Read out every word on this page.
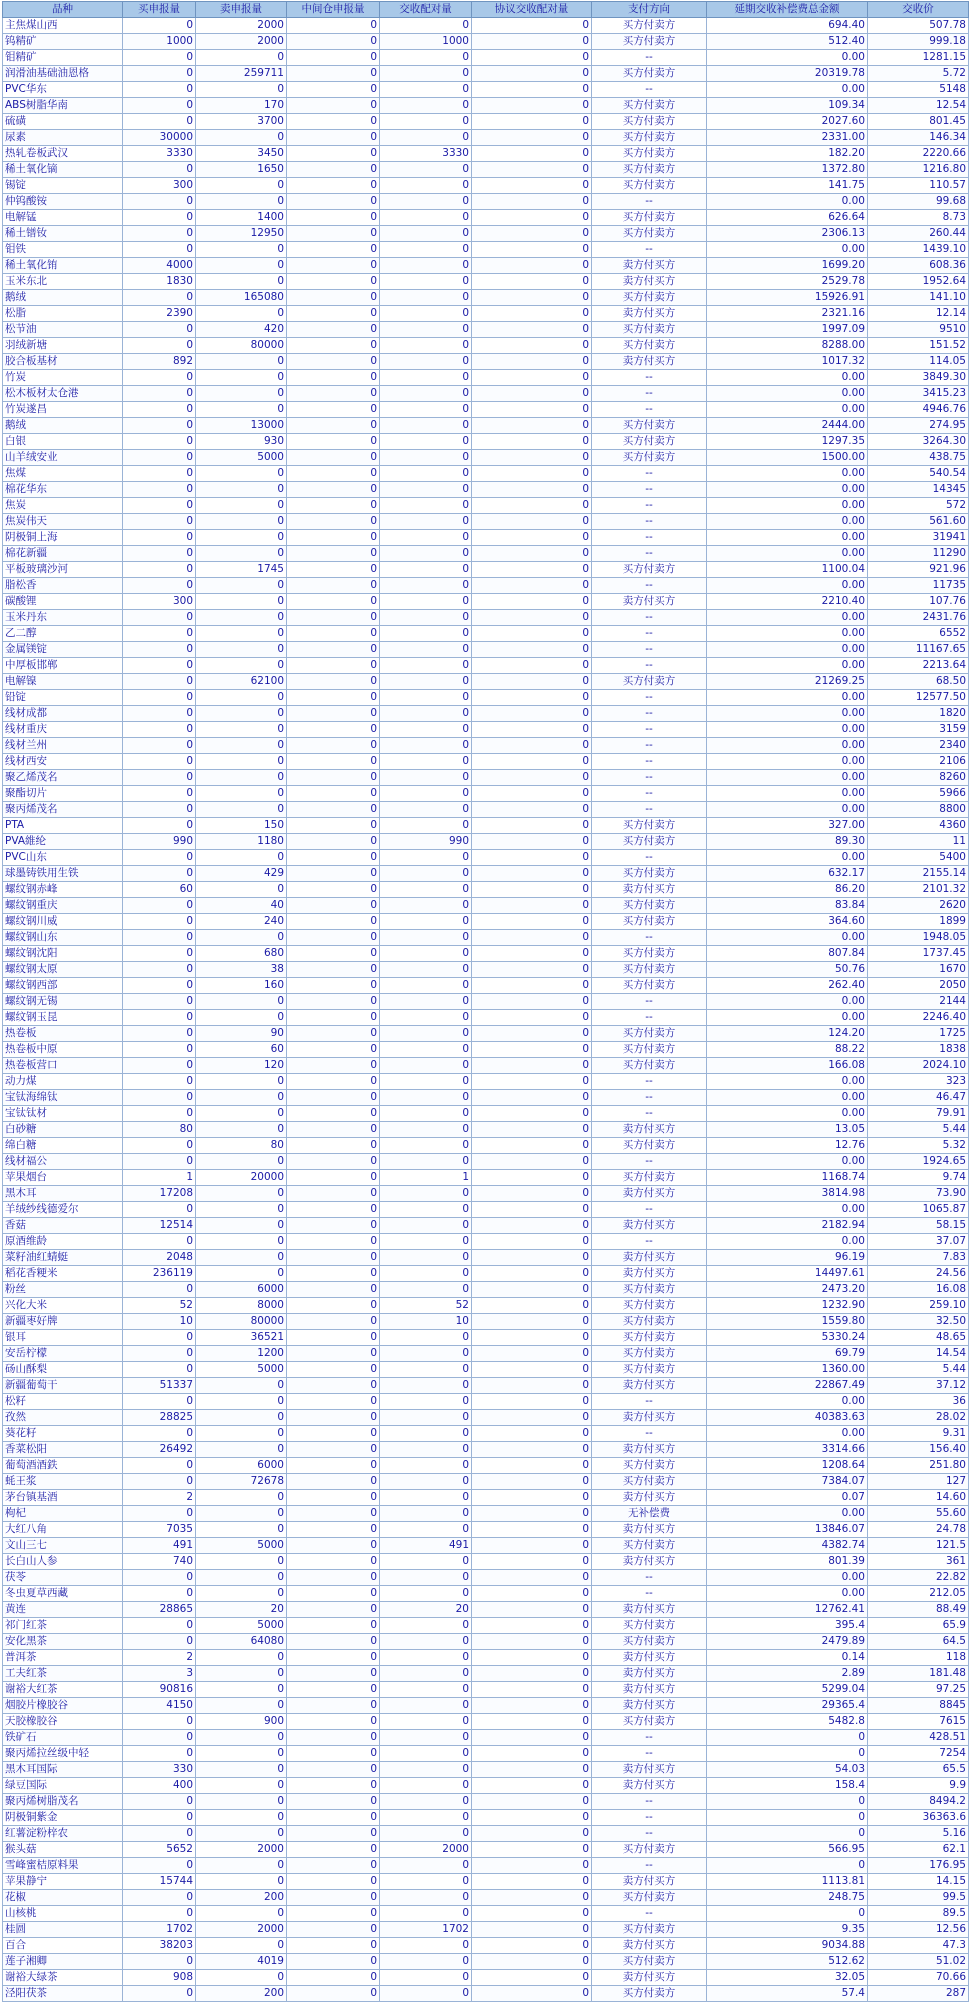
品种	买申报量	卖申报量	中间仓申报量	交收配对量	协议交收配对量	支付方向	延期交收补偿费总金额	交收价
主焦煤山西	0	2000	0	0	0	买方付卖方	694.40	507.78
钨精矿	1000	2000	0	1000	0	买方付卖方	512.40	999.18
钼精矿	0	0	0	0	0	--	0.00	1281.15
润滑油基础油恩格	0	259711	0	0	0	买方付卖方	20319.78	5.72
PVC华东	0	0	0	0	0	--	0.00	5148
ABS树脂华南	0	170	0	0	0	买方付卖方	109.34	12.54
硫磺	0	3700	0	0	0	买方付卖方	2027.60	801.45
尿素	30000	0	0	0	0	买方付卖方	2331.00	146.34
热轧卷板武汉	3330	3450	0	3330	0	买方付卖方	182.20	2220.66
稀土氧化镝	0	1650	0	0	0	买方付卖方	1372.80	1216.80
锡锭	300	0	0	0	0	买方付卖方	141.75	110.57
仲钨酸铵	0	0	0	0	0	--	0.00	99.68
电解锰	0	1400	0	0	0	买方付卖方	626.64	8.73
稀土镨钕	0	12950	0	0	0	买方付卖方	2306.13	260.44
钼铁	0	0	0	0	0	--	0.00	1439.10
稀土氧化铕	4000	0	0	0	0	卖方付买方	1699.20	608.36
玉米东北	1830	0	0	0	0	卖方付买方	2529.78	1952.64
鹅绒	0	165080	0	0	0	买方付卖方	15926.91	141.10
松脂	2390	0	0	0	0	卖方付买方	2321.16	12.14
松节油	0	420	0	0	0	买方付卖方	1997.09	9510
羽绒新塘	0	80000	0	0	0	买方付卖方	8288.00	151.52
胶合板基材	892	0	0	0	0	卖方付买方	1017.32	114.05
竹炭	0	0	0	0	0	--	0.00	3849.30
松木板材太仓港	0	0	0	0	0	--	0.00	3415.23
竹炭遂昌	0	0	0	0	0	--	0.00	4946.76
鹅绒	0	13000	0	0	0	买方付卖方	2444.00	274.95
白银	0	930	0	0	0	买方付卖方	1297.35	3264.30
山羊绒安业	0	5000	0	0	0	买方付卖方	1500.00	438.75
焦煤	0	0	0	0	0	--	0.00	540.54
棉花华东	0	0	0	0	0	--	0.00	14345
焦炭	0	0	0	0	0	--	0.00	572
焦炭伟天	0	0	0	0	0	--	0.00	561.60
阴极铜上海	0	0	0	0	0	--	0.00	31941
棉花新疆	0	0	0	0	0	--	0.00	11290
平板玻璃沙河	0	1745	0	0	0	买方付卖方	1100.04	921.96
脂松香	0	0	0	0	0	--	0.00	11735
碳酸锂	300	0	0	0	0	卖方付买方	2210.40	107.76
玉米丹东	0	0	0	0	0	--	0.00	2431.76
乙二醇	0	0	0	0	0	--	0.00	6552
金属镁锭	0	0	0	0	0	--	0.00	11167.65
中厚板邯郸	0	0	0	0	0	--	0.00	2213.64
电解镍	0	62100	0	0	0	买方付卖方	21269.25	68.50
铅锭	0	0	0	0	0	--	0.00	12577.50
线材成都	0	0	0	0	0	--	0.00	1820
线材重庆	0	0	0	0	0	--	0.00	3159
线材兰州	0	0	0	0	0	--	0.00	2340
线材西安	0	0	0	0	0	--	0.00	2106
聚乙烯茂名	0	0	0	0	0	--	0.00	8260
聚酯切片	0	0	0	0	0	--	0.00	5966
聚丙烯茂名	0	0	0	0	0	--	0.00	8800
PTA	0	150	0	0	0	买方付卖方	327.00	4360
PVA維纶	990	1180	0	990	0	买方付卖方	89.30	11
PVC山东	0	0	0	0	0	--	0.00	5400
球墨铸铁用生铁	0	429	0	0	0	买方付卖方	632.17	2155.14
螺纹钢赤峰	60	0	0	0	0	卖方付买方	86.20	2101.32
螺纹钢重庆	0	40	0	0	0	买方付卖方	83.84	2620
螺纹钢川威	0	240	0	0	0	买方付卖方	364.60	1899
螺纹钢山东	0	0	0	0	0	--	0.00	1948.05
螺纹钢沈阳	0	680	0	0	0	买方付卖方	807.84	1737.45
螺纹钢太原	0	38	0	0	0	买方付卖方	50.76	1670
螺纹钢西部	0	160	0	0	0	买方付卖方	262.40	2050
螺纹钢无锡	0	0	0	0	0	--	0.00	2144
螺纹钢玉昆	0	0	0	0	0	--	0.00	2246.40
热卷板	0	90	0	0	0	买方付卖方	124.20	1725
热卷板中原	0	60	0	0	0	买方付卖方	88.22	1838
热卷板营口	0	120	0	0	0	买方付卖方	166.08	2024.10
动力煤	0	0	0	0	0	--	0.00	323
宝钛海绵钛	0	0	0	0	0	--	0.00	46.47
宝钛钛材	0	0	0	0	0	--	0.00	79.91
白砂糖	80	0	0	0	0	卖方付买方	13.05	5.44
绵白糖	0	80	0	0	0	买方付卖方	12.76	5.32
线材福公	0	0	0	0	0	--	0.00	1924.65
苹果烟台	1	20000	0	1	0	买方付卖方	1168.74	9.74
黑木耳	17208	0	0	0	0	卖方付买方	3814.98	73.90
羊绒纱线德爱尔	0	0	0	0	0	--	0.00	1065.87
香菇	12514	0	0	0	0	卖方付买方	2182.94	58.15
原酒维龄	0	0	0	0	0	--	0.00	37.07
菜籽油红蜻蜓	2048	0	0	0	0	卖方付买方	96.19	7.83
稻花香粳米	236119	0	0	0	0	卖方付买方	14497.61	24.56
粉丝	0	6000	0	0	0	买方付卖方	2473.20	16.08
兴化大米	52	8000	0	52	0	买方付卖方	1232.90	259.10
新疆枣好牌	10	80000	0	10	0	买方付卖方	1559.80	32.50
银耳	0	36521	0	0	0	买方付卖方	5330.24	48.65
安岳柠檬	0	1200	0	0	0	买方付卖方	69.79	14.54
砀山酥梨	0	5000	0	0	0	买方付卖方	1360.00	5.44
新疆葡萄干	51337	0	0	0	0	卖方付买方	22867.49	37.12
松籽	0	0	0	0	0	--	0.00	36
孜然	28825	0	0	0	0	卖方付买方	40383.63	28.02
葵花籽	0	0	0	0	0	--	0.00	9.31
香菜松阳	26492	0	0	0	0	卖方付买方	3314.66	156.40
葡萄酒酒鉄	0	6000	0	0	0	买方付卖方	1208.64	251.80
蚝王浆	0	72678	0	0	0	买方付卖方	7384.07	127
茅台镇基酒	2	0	0	0	0	卖方付买方	0.07	14.60
枸杞	0	0	0	0	0	无补偿费	0.00	55.60
大红八角	7035	0	0	0	0	卖方付买方	13846.07	24.78
文山三七	491	5000	0	491	0	买方付卖方	4382.74	121.5
长白山人参	740	0	0	0	0	卖方付买方	801.39	361
茯苓	0	0	0	0	0	--	0.00	22.82
冬虫夏草西藏	0	0	0	0	0	--	0.00	212.05
黄连	28865	20	0	20	0	卖方付买方	12762.41	88.49
祁门红茶	0	5000	0	0	0	买方付卖方	395.4	65.9
安化黑茶	0	64080	0	0	0	买方付卖方	2479.89	64.5
普洱茶	2	0	0	0	0	卖方付买方	0.14	118
工夫红茶	3	0	0	0	0	卖方付买方	2.89	181.48
谢裕大红茶	90816	0	0	0	0	卖方付买方	5299.04	97.25
烟胶片橡胶谷	4150	0	0	0	0	卖方付买方	29365.4	8845
天胶橡胶谷	0	900	0	0	0	买方付卖方	5482.8	7615
铁矿石	0	0	0	0	0	--	0	428.51
聚丙烯拉丝级中轻	0	0	0	0	0	--	0	7254
黑木耳国际	330	0	0	0	0	卖方付买方	54.03	65.5
绿豆国际	400	0	0	0	0	卖方付买方	158.4	9.9
聚丙烯树脂茂名	0	0	0	0	0	--	0	8494.2
阴极铜紫金	0	0	0	0	0	--	0	36363.6
红薯淀粉梓农	0	0	0	0	0	--	0	5.16
猴头菇	5652	2000	0	2000	0	买方付卖方	566.95	62.1
雪峰蜜桔原料果	0	0	0	0	0	--	0	176.95
苹果静宁	15744	0	0	0	0	卖方付买方	1113.81	14.15
花椒	0	200	0	0	0	买方付卖方	248.75	99.5
山核桃	0	0	0	0	0	--	0	89.5
桂圆	1702	2000	0	1702	0	买方付卖方	9.35	12.56
百合	38203	0	0	0	0	卖方付买方	9034.88	47.3
莲子湘卿	0	4019	0	0	0	买方付卖方	512.62	51.02
谢裕大绿茶	908	0	0	0	0	卖方付买方	32.05	70.66
泾阳茯茶	0	200	0	0	0	买方付卖方	57.4	287
